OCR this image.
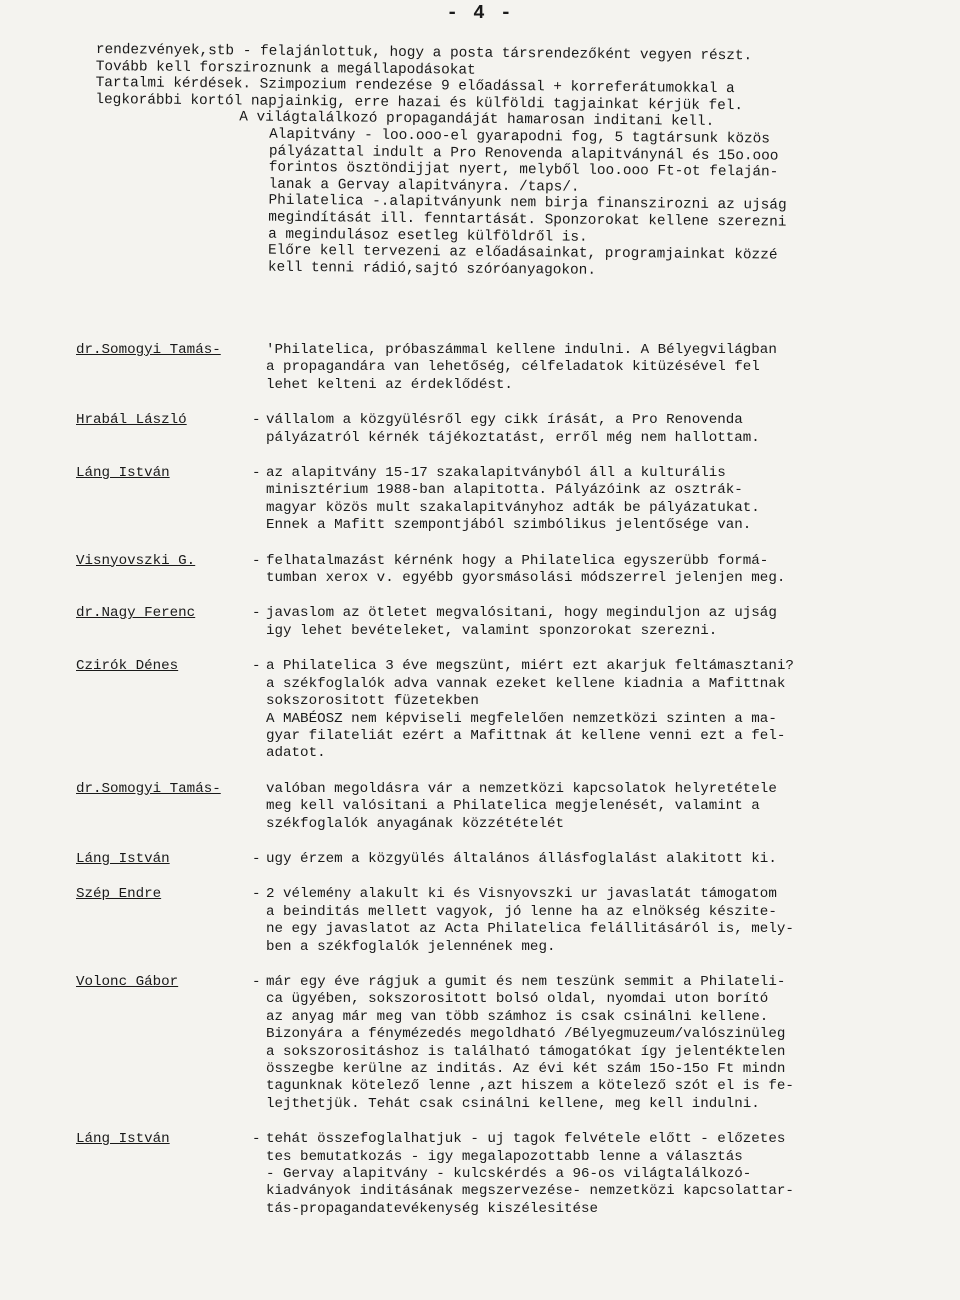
- 4 -

rendezvények,stb - felajánlottuk, hogy a posta társrendezőként vegyen részt.

Tovább kell forsziroznunk a megállapodásokat

Tartalmi kérdések. Szimpozium rendezése 9 előadással + korreferátumokkal a

legkorábbi kortól napjainkig, erre hazai és külföldi tagjainkat kérjük fel.

A világtalálkozó propagandáját hamarosan inditani kell.

Alapitvány - loo.ooo-el gyarapodni fog, 5 tagtársunk közös

pályázattal indult a Pro Renovenda alapitványnál és 15o.ooo

forintos ösztöndijjat nyert, melyből loo.ooo Ft-ot felaján-

lanak a Gervay alapitványra. /taps/.

Philatelica -.alapitványunk nem birja finanszirozni az ujság

megindítását ill. fenntartását. Sponzorokat kellene szerezni

a megindulásoz esetleg külföldről is.

Előre kell tervezeni az előadásainkat, programjainkat közzé

kell tenni rádió,sajtó szóróanyagokon.

dr.Somogyi Tamás-	'Philatelica, próbaszámmal kellene indulni. A Bélyegvilágban

a propagandára van lehetőség, célfeladatok kitüzésével fel

lehet kelteni az érdeklődést.

Hrabál László	- vállalom a közgyülésről egy cikk írását, a Pro Renovenda

pályázatról kérnék tájékoztatást, erről még nem hallottam.

Láng István	- az alapitvány 15-17 szakalapitványból áll a kulturális

minisztérium 1988-ban alapitotta. Pályázóink az osztrák-

magyar közös mult szakalapitványhoz adták be pályázatukat.

Ennek a Mafitt szempontjából szimbólikus jelentősége van.

Visnyovszki G.	- felhatalmazást kérnénk hogy a Philatelica egyszerübb formá-

tumban xerox v. egyébb gyorsmásolási módszerrel jelenjen meg.

dr.Nagy Ferenc	- javaslom az ötletet megvalósitani, hogy meginduljon az ujság

igy lehet bevételeket, valamint sponzorokat szerezni.

Czirók Dénes	- a Philatelica 3 éve megszünt, miért ezt akarjuk feltámasztani?

a székfoglalók adva vannak ezeket kellene kiadnia a Mafittnak

sokszorositott füzetekben

A MABÉOSZ nem képviseli megfelelően nemzetközi szinten a ma-

gyar filateliát ezért a Mafittnak át kellene venni ezt a fel-

adatot.

dr.Somogyi Tamás-	valóban megoldásra vár a nemzetközi kapcsolatok helyretétele

meg kell valósitani a Philatelica megjelenését, valamint a

székfoglalók anyagának közzétételét

Láng István	- ugy érzem a közgyülés általános állásfoglalást alakitott ki.

Szép Endre	- 2 vélemény alakult ki és Visnyovszki ur javaslatát támogatom

a beinditás mellett vagyok, jó lenne ha az elnökség készite-

ne egy javaslatot az Acta Philatelica felállitásáról is, mely-

ben a székfoglalók jelennének meg.

Volonc Gábor	- már egy éve rágjuk a gumit és nem teszünk semmit a Philateli-

ca ügyében, sokszorositott bolsó oldal, nyomdai uton borító

az anyag már meg van több számhoz is csak csinálni kellene.

Bizonyára a fénymézedés megoldható /Bélyegmuzeum/valószinüleg

a sokszorositáshoz is található támogatókat így jelentéktelen

összegbe kerülne az inditás. Az évi két szám 15o-15o Ft mindn

tagunknak kötelező lenne ,azt hiszem a kötelező szót el is fe-

lejthetjük. Tehát csak csinálni kellene, meg kell indulni.

Láng István	- tehát összefoglalhatjuk - uj tagok felvétele előtt - előzetes

tes bemutatkozás - igy megalapozottabb lenne a választás

- Gervay alapitvány - kulcskérdés a 96-os világtalálkozó-

kiadványok inditásának megszervezése- nemzetközi kapcsolattar-

tás-propagandatevékenység kiszélesitése
